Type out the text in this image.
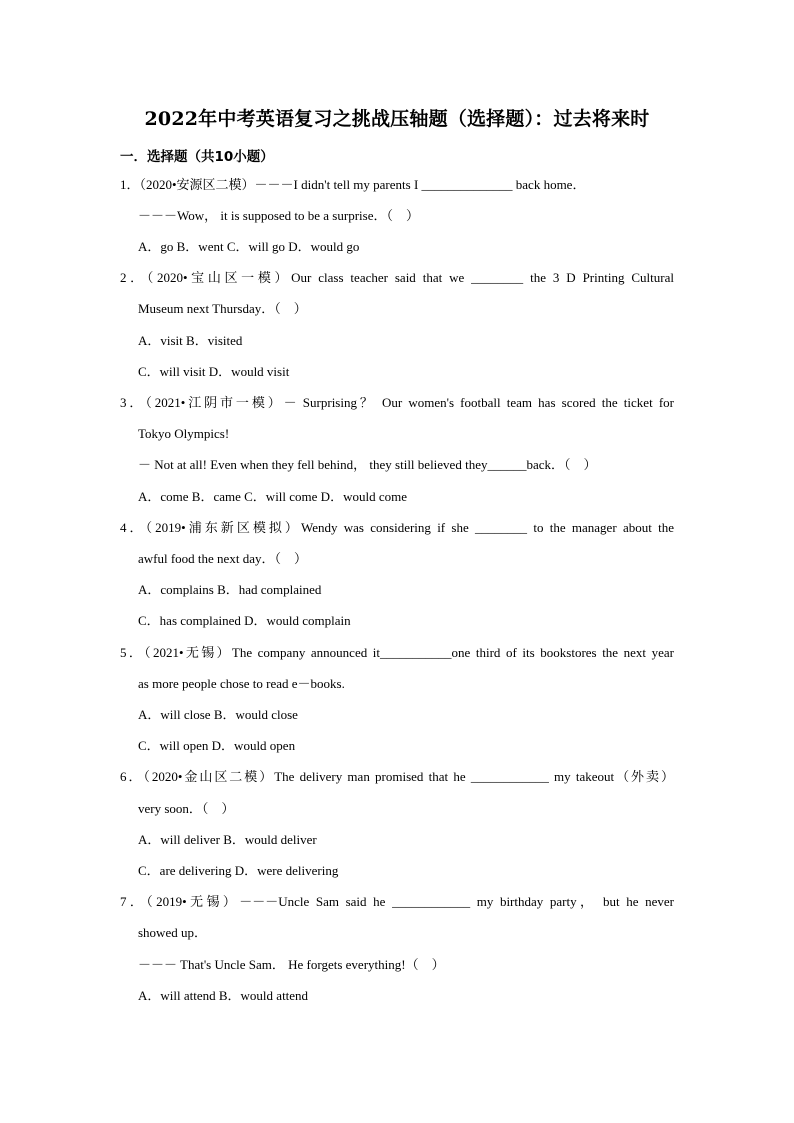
2022年中考英语复习之挑战压轴题（选择题）：过去将来时
一．选择题（共10小题）
1．（2020•安源区二模）－－－I didn't tell my parents I ______________ back home．
－－－Wow， it is supposed to be a surprise．（　）
A．go B．went C．will go D．would go
2．（2020•宝山区一模）Our class teacher said that we ________ the 3 D Printing Cultural
Museum next Thursday．（　）
A．visit B．visited
C．will visit D．would visit
3．（2021•江阴市一模）－ Surprising？ Our women's football team has scored the ticket for
Tokyo Olympics!
－ Not at all! Even when they fell behind， they still believed they______back．（　）
A．come B．came C．will come D．would come
4．（2019•浦东新区模拟）Wendy was considering if she ________ to the manager about the
awful food the next day．（　）
A．complains B．had complained
C．has complained D．would complain
5．（2021•无锡）The company announced it___________one third of its bookstores the next year
as more people chose to read e－books.
A．will close B．would close
C．will open D．would open
6．（2020•金山区二模）The delivery man promised that he ____________ my takeout（外卖）
very soon．（　）
A．will deliver B．would deliver
C．are delivering D．were delivering
7．（2019•无锡）－－－Uncle Sam said he ____________ my birthday party， but he never
showed up．
－－－ That's Uncle Sam． He forgets everything!（　）
A．will attend B．would attend
